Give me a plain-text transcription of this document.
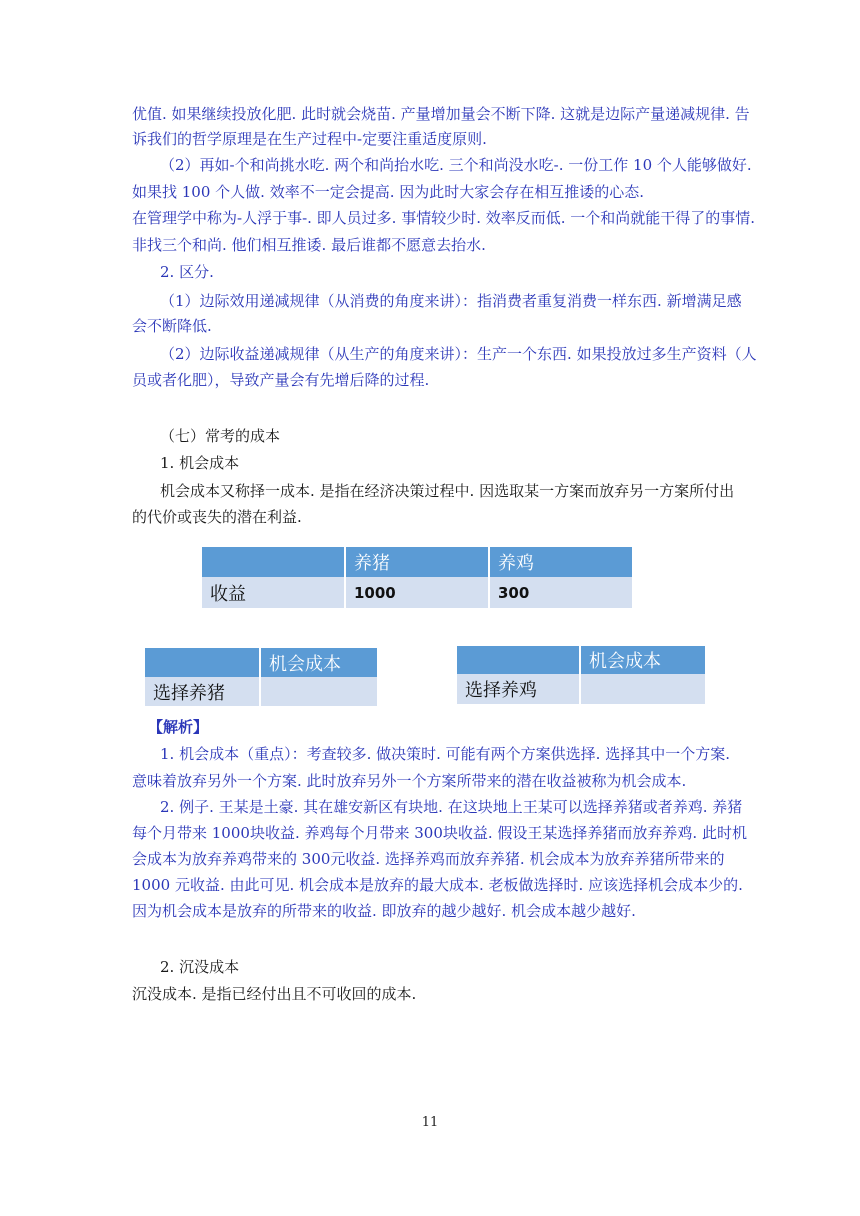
优值. 如果继续投放化肥. 此时就会烧苗. 产量增加量会不断下降. 这就是边际产量递减规律. 告
诉我们的哲学原理是在生产过程中-定要注重适度原则.
（2）再如-个和尚挑水吃. 两个和尚抬水吃. 三个和尚没水吃-. 一份工作 10 个人能够做好.
如果找 100 个人做. 效率不一定会提高. 因为此时大家会存在相互推诿的心态.
在管理学中称为-人浮于事-. 即人员过多. 事情较少时. 效率反而低. 一个和尚就能干得了的事情.
非找三个和尚. 他们相互推诿. 最后谁都不愿意去抬水.
2. 区分.
（1）边际效用递减规律（从消费的角度来讲）：指消费者重复消费一样东西. 新增满足感
会不断降低.
（2）边际收益递减规律（从生产的角度来讲）：生产一个东西. 如果投放过多生产资料（人
员或者化肥），导致产量会有先增后降的过程.
（七）常考的成本
1. 机会成本
机会成本又称择一成本. 是指在经济决策过程中. 因选取某一方案而放弃另一方案所付出
的代价或丧失的潜在利益.
	养猪	养鸡
收益	1000	300
	机会成本
选择养猪	
	机会成本
选择养鸡	
【解析】
1. 机会成本（重点）：考查较多. 做决策时. 可能有两个方案供选择. 选择其中一个方案.
意味着放弃另外一个方案. 此时放弃另外一个方案所带来的潜在收益被称为机会成本.
2. 例子. 王某是土豪. 其在雄安新区有块地. 在这块地上王某可以选择养猪或者养鸡. 养猪
每个月带来 1000块收益. 养鸡每个月带来 300块收益. 假设王某选择养猪而放弃养鸡. 此时机
会成本为放弃养鸡带来的 300元收益. 选择养鸡而放弃养猪. 机会成本为放弃养猪所带来的
1000 元收益. 由此可见. 机会成本是放弃的最大成本. 老板做选择时. 应该选择机会成本少的.
因为机会成本是放弃的所带来的收益. 即放弃的越少越好. 机会成本越少越好.
2. 沉没成本
沉没成本. 是指已经付出且不可收回的成本.
11
